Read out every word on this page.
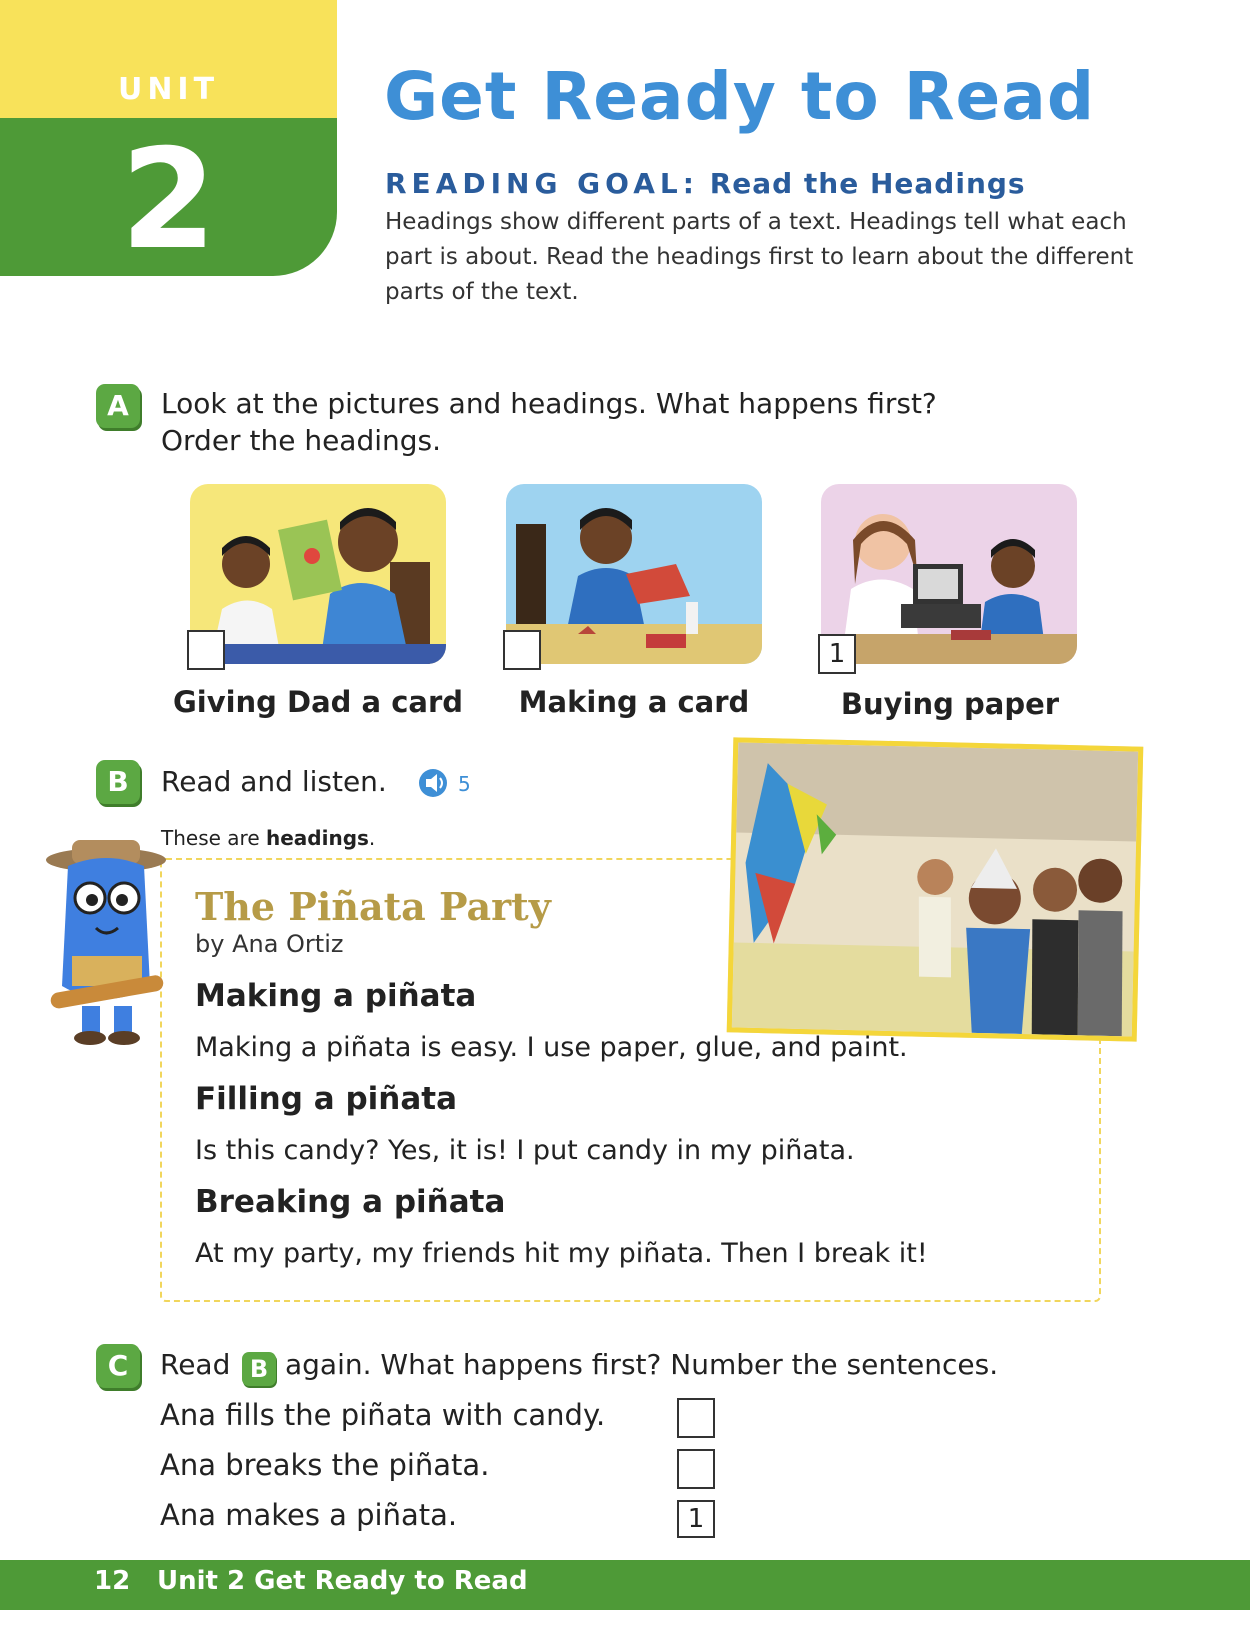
UNIT
2
Get Ready to Read
READING GOAL: Read the Headings
Headings show different parts of a text. Headings tell what each part is about. Read the headings first to learn about the different parts of the text.
A	Look at the pictures and headings. What happens first?
Order the headings.
1
Giving Dad a card	Making a card	Buying paper
B	Read and listen.	5
These are headings.
The Piñata Party
by Ana Ortiz
Making a piñata
Making a piñata is easy. I use paper, glue, and paint.
Filling a piñata
Is this candy? Yes, it is! I put candy in my piñata.
Breaking a piñata
At my party, my friends hit my piñata. Then I break it!
C	Read B again. What happens first? Number the sentences.
Ana fills the piñata with candy.
Ana breaks the piñata.
Ana makes a piñata.	1
12 Unit 2 Get Ready to Read
